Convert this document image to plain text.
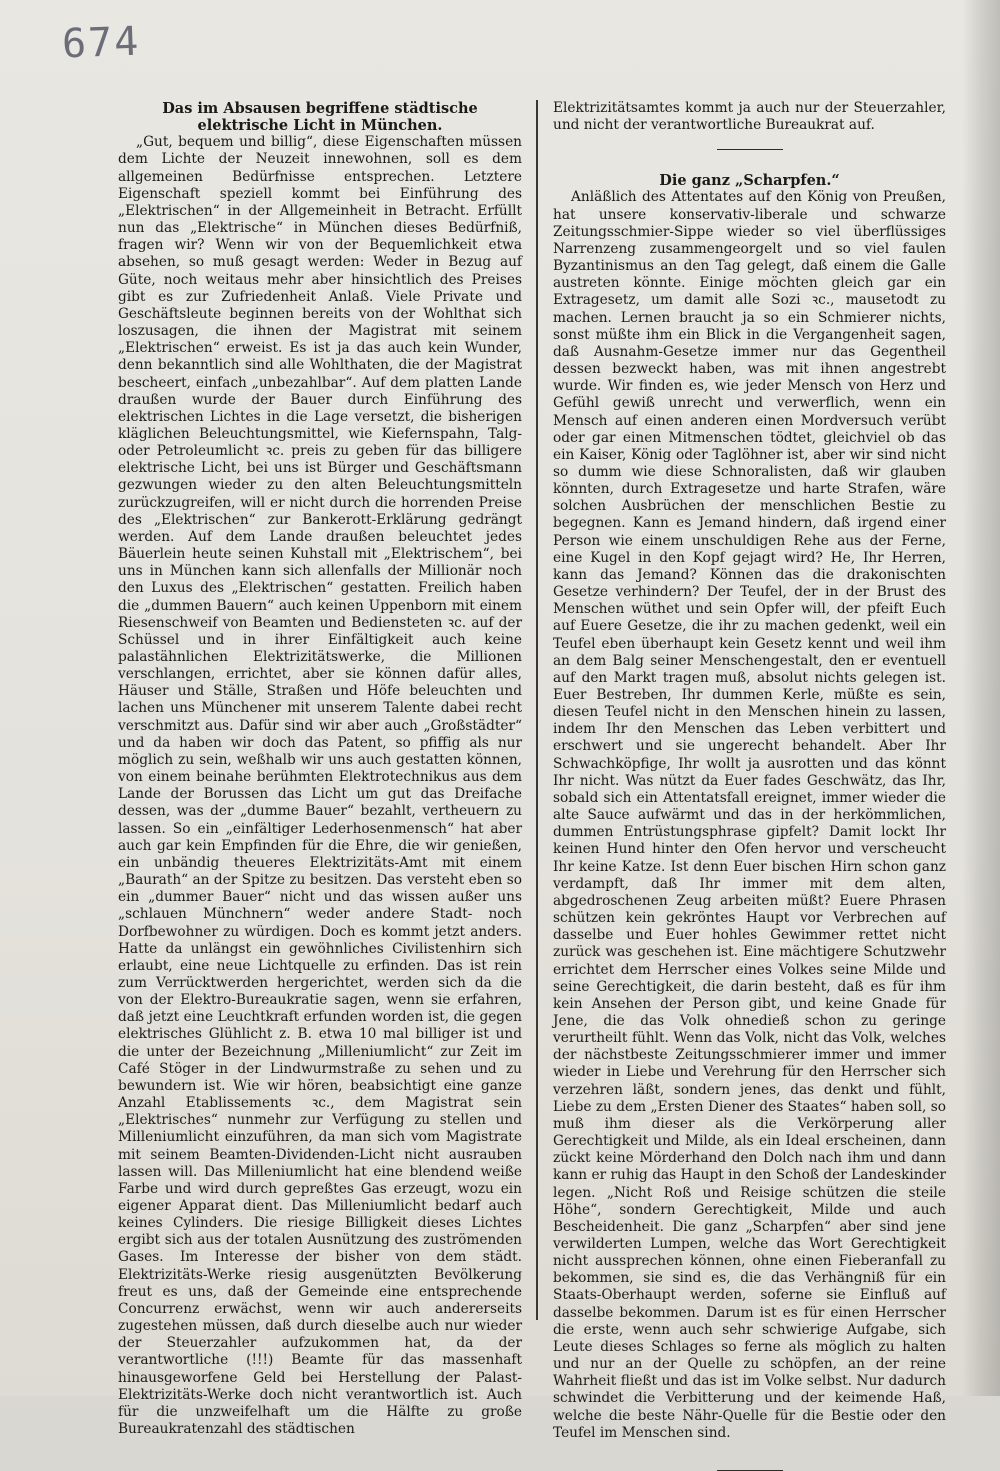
674
Das im Absausen begriffene städtische elektrische Licht in München.

„Gut, bequem und billig“, diese Eigenschaften müssen dem Lichte der Neuzeit innewohnen, soll es dem allgemeinen Bedürfnisse entsprechen. Letztere Eigenschaft speziell kommt bei Einführung des „Elektrischen“ in der Allgemeinheit in Betracht. Erfüllt nun das „Elektrische“ in München dieses Bedürfniß, fragen wir? Wenn wir von der Bequemlichkeit etwa absehen, so muß gesagt werden: Weder in Bezug auf Güte, noch weitaus mehr aber hinsichtlich des Preises gibt es zur Zufriedenheit Anlaß. Viele Private und Geschäftsleute beginnen bereits von der Wohlthat sich loszusagen, die ihnen der Magistrat mit seinem „Elektrischen“ erweist. Es ist ja das auch kein Wunder, denn bekanntlich sind alle Wohlthaten, die der Magistrat bescheert, einfach „unbezahlbar“. Auf dem platten Lande draußen wurde der Bauer durch Einführung des elektrischen Lichtes in die Lage versetzt, die bisherigen kläglichen Beleuchtungsmittel, wie Kiefernspahn, Talg- oder Petroleumlicht ꝛc. preis zu geben für das billigere elektrische Licht, bei uns ist Bürger und Geschäftsmann gezwungen wieder zu den alten Beleuchtungsmitteln zurückzugreifen, will er nicht durch die horrenden Preise des „Elektrischen“ zur Bankerott-Erklärung gedrängt werden. Auf dem Lande draußen beleuchtet jedes Bäuerlein heute seinen Kuhstall mit „Elektrischem“, bei uns in München kann sich allenfalls der Millionär noch den Luxus des „Elektrischen“ gestatten. Freilich haben die „dummen Bauern“ auch keinen Uppenborn mit einem Riesenschweif von Beamten und Bediensteten ꝛc. auf der Schüssel und in ihrer Einfältigkeit auch keine palastähnlichen Elektrizitätswerke, die Millionen verschlangen, errichtet, aber sie können dafür alles, Häuser und Ställe, Straßen und Höfe beleuchten und lachen uns Münchener mit unserem Talente dabei recht verschmitzt aus. Dafür sind wir aber auch „Großstädter“ und da haben wir doch das Patent, so pfiffig als nur möglich zu sein, weßhalb wir uns auch gestatten können, von einem beinahe berühmten Elektrotechnikus aus dem Lande der Borussen das Licht um gut das Dreifache dessen, was der „dumme Bauer“ bezahlt, vertheuern zu lassen. So ein „einfältiger Lederhosenmensch“ hat aber auch gar kein Empfinden für die Ehre, die wir genießen, ein unbändig theueres Elektrizitäts-Amt mit einem „Baurath“ an der Spitze zu besitzen. Das versteht eben so ein „dummer Bauer“ nicht und das wissen außer uns „schlauen Münchnern“ weder andere Stadt- noch Dorfbewohner zu würdigen. Doch es kommt jetzt anders. Hatte da unlängst ein gewöhnliches Civilistenhirn sich erlaubt, eine neue Lichtquelle zu erfinden. Das ist rein zum Verrücktwerden hergerichtet, werden sich da die von der Elektro-Bureaukratie sagen, wenn sie erfahren, daß jetzt eine Leuchtkraft erfunden worden ist, die gegen elektrisches Glühlicht z. B. etwa 10 mal billiger ist und die unter der Bezeichnung „Milleniumlicht“ zur Zeit im Café Stöger in der Lindwurmstraße zu sehen und zu bewundern ist. Wie wir hören, beabsichtigt eine ganze Anzahl Etablissements ꝛc., dem Magistrat sein „Elektrisches“ nunmehr zur Verfügung zu stellen und Milleniumlicht einzuführen, da man sich vom Magistrate mit seinem Beamten-Dividenden-Licht nicht ausrauben lassen will. Das Milleniumlicht hat eine blendend weiße Farbe und wird durch gepreßtes Gas erzeugt, wozu ein eigener Apparat dient. Das Milleniumlicht bedarf auch keines Cylinders. Die riesige Billigkeit dieses Lichtes ergibt sich aus der totalen Ausnützung des zuströmenden Gases. Im Interesse der bisher von dem städt. Elektrizitäts-Werke riesig ausgenützten Bevölkerung freut es uns, daß der Gemeinde eine entsprechende Concurrenz erwächst, wenn wir auch andererseits zugestehen müssen, daß durch dieselbe auch nur wieder der Steuerzahler aufzukommen hat, da der verantwortliche (!!!) Beamte für das massenhaft hinausgeworfene Geld bei Herstellung der Palast-Elektrizitäts-Werke doch nicht verantwortlich ist. Auch für die unzweifelhaft um die Hälfte zu große Bureaukratenzahl des städtischen

Elektrizitätsamtes kommt ja auch nur der Steuerzahler, und nicht der verantwortliche Bureaukrat auf.

Die ganz „Scharpfen.“

Anläßlich des Attentates auf den König von Preußen, hat unsere konservativ-liberale und schwarze Zeitungsschmier-Sippe wieder so viel überflüssiges Narrenzeng zusammengeorgelt und so viel faulen Byzantinismus an den Tag gelegt, daß einem die Galle austreten könnte. Einige möchten gleich gar ein Extragesetz, um damit alle Sozi ꝛc., mausetodt zu machen. Lernen braucht ja so ein Schmierer nichts, sonst müßte ihm ein Blick in die Vergangenheit sagen, daß Ausnahm-Gesetze immer nur das Gegentheil dessen bezweckt haben, was mit ihnen angestrebt wurde. Wir finden es, wie jeder Mensch von Herz und Gefühl gewiß unrecht und verwerflich, wenn ein Mensch auf einen anderen einen Mordversuch verübt oder gar einen Mitmenschen tödtet, gleichviel ob das ein Kaiser, König oder Taglöhner ist, aber wir sind nicht so dumm wie diese Schnoralisten, daß wir glauben könnten, durch Extragesetze und harte Strafen, wäre solchen Ausbrüchen der menschlichen Bestie zu begegnen. Kann es Jemand hindern, daß irgend einer Person wie einem unschuldigen Rehe aus der Ferne, eine Kugel in den Kopf gejagt wird? He, Ihr Herren, kann das Jemand? Können das die drakonischten Gesetze verhindern? Der Teufel, der in der Brust des Menschen wüthet und sein Opfer will, der pfeift Euch auf Euere Gesetze, die ihr zu machen gedenkt, weil ein Teufel eben überhaupt kein Gesetz kennt und weil ihm an dem Balg seiner Menschengestalt, den er eventuell auf den Markt tragen muß, absolut nichts gelegen ist. Euer Bestreben, Ihr dummen Kerle, müßte es sein, diesen Teufel nicht in den Menschen hinein zu lassen, indem Ihr den Menschen das Leben verbittert und erschwert und sie ungerecht behandelt. Aber Ihr Schwachköpfige, Ihr wollt ja ausrotten und das könnt Ihr nicht. Was nützt da Euer fades Geschwätz, das Ihr, sobald sich ein Attentatsfall ereignet, immer wieder die alte Sauce aufwärmt und das in der herkömmlichen, dummen Entrüstungsphrase gipfelt? Damit lockt Ihr keinen Hund hinter den Ofen hervor und verscheucht Ihr keine Katze. Ist denn Euer bischen Hirn schon ganz verdampft, daß Ihr immer mit dem alten, abgedroschenen Zeug arbeiten müßt? Euere Phrasen schützen kein gekröntes Haupt vor Verbrechen auf dasselbe und Euer hohles Gewimmer rettet nicht zurück was geschehen ist. Eine mächtigere Schutzwehr errichtet dem Herrscher eines Volkes seine Milde und seine Gerechtigkeit, die darin besteht, daß es für ihm kein Ansehen der Person gibt, und keine Gnade für Jene, die das Volk ohnedieß schon zu geringe verurtheilt fühlt. Wenn das Volk, nicht das Volk, welches der nächstbeste Zeitungsschmierer immer und immer wieder in Liebe und Verehrung für den Herrscher sich verzehren läßt, sondern jenes, das denkt und fühlt, Liebe zu dem „Ersten Diener des Staates“ haben soll, so muß ihm dieser als die Verkörperung aller Gerechtigkeit und Milde, als ein Ideal erscheinen, dann zückt keine Mörderhand den Dolch nach ihm und dann kann er ruhig das Haupt in den Schoß der Landeskinder legen. „Nicht Roß und Reisige schützen die steile Höhe“, sondern Gerechtigkeit, Milde und auch Bescheidenheit. Die ganz „Scharpfen“ aber sind jene verwilderten Lumpen, welche das Wort Gerechtigkeit nicht aussprechen können, ohne einen Fieberanfall zu bekommen, sie sind es, die das Verhängniß für ein Staats-Oberhaupt werden, soferne sie Einfluß auf dasselbe bekommen. Darum ist es für einen Herrscher die erste, wenn auch sehr schwierige Aufgabe, sich Leute dieses Schlages so ferne als möglich zu halten und nur an der Quelle zu schöpfen, an der reine Wahrheit fließt und das ist im Volke selbst. Nur dadurch schwindet die Verbitterung und der keimende Haß, welche die beste Nähr-Quelle für die Bestie oder den Teufel im Menschen sind.
